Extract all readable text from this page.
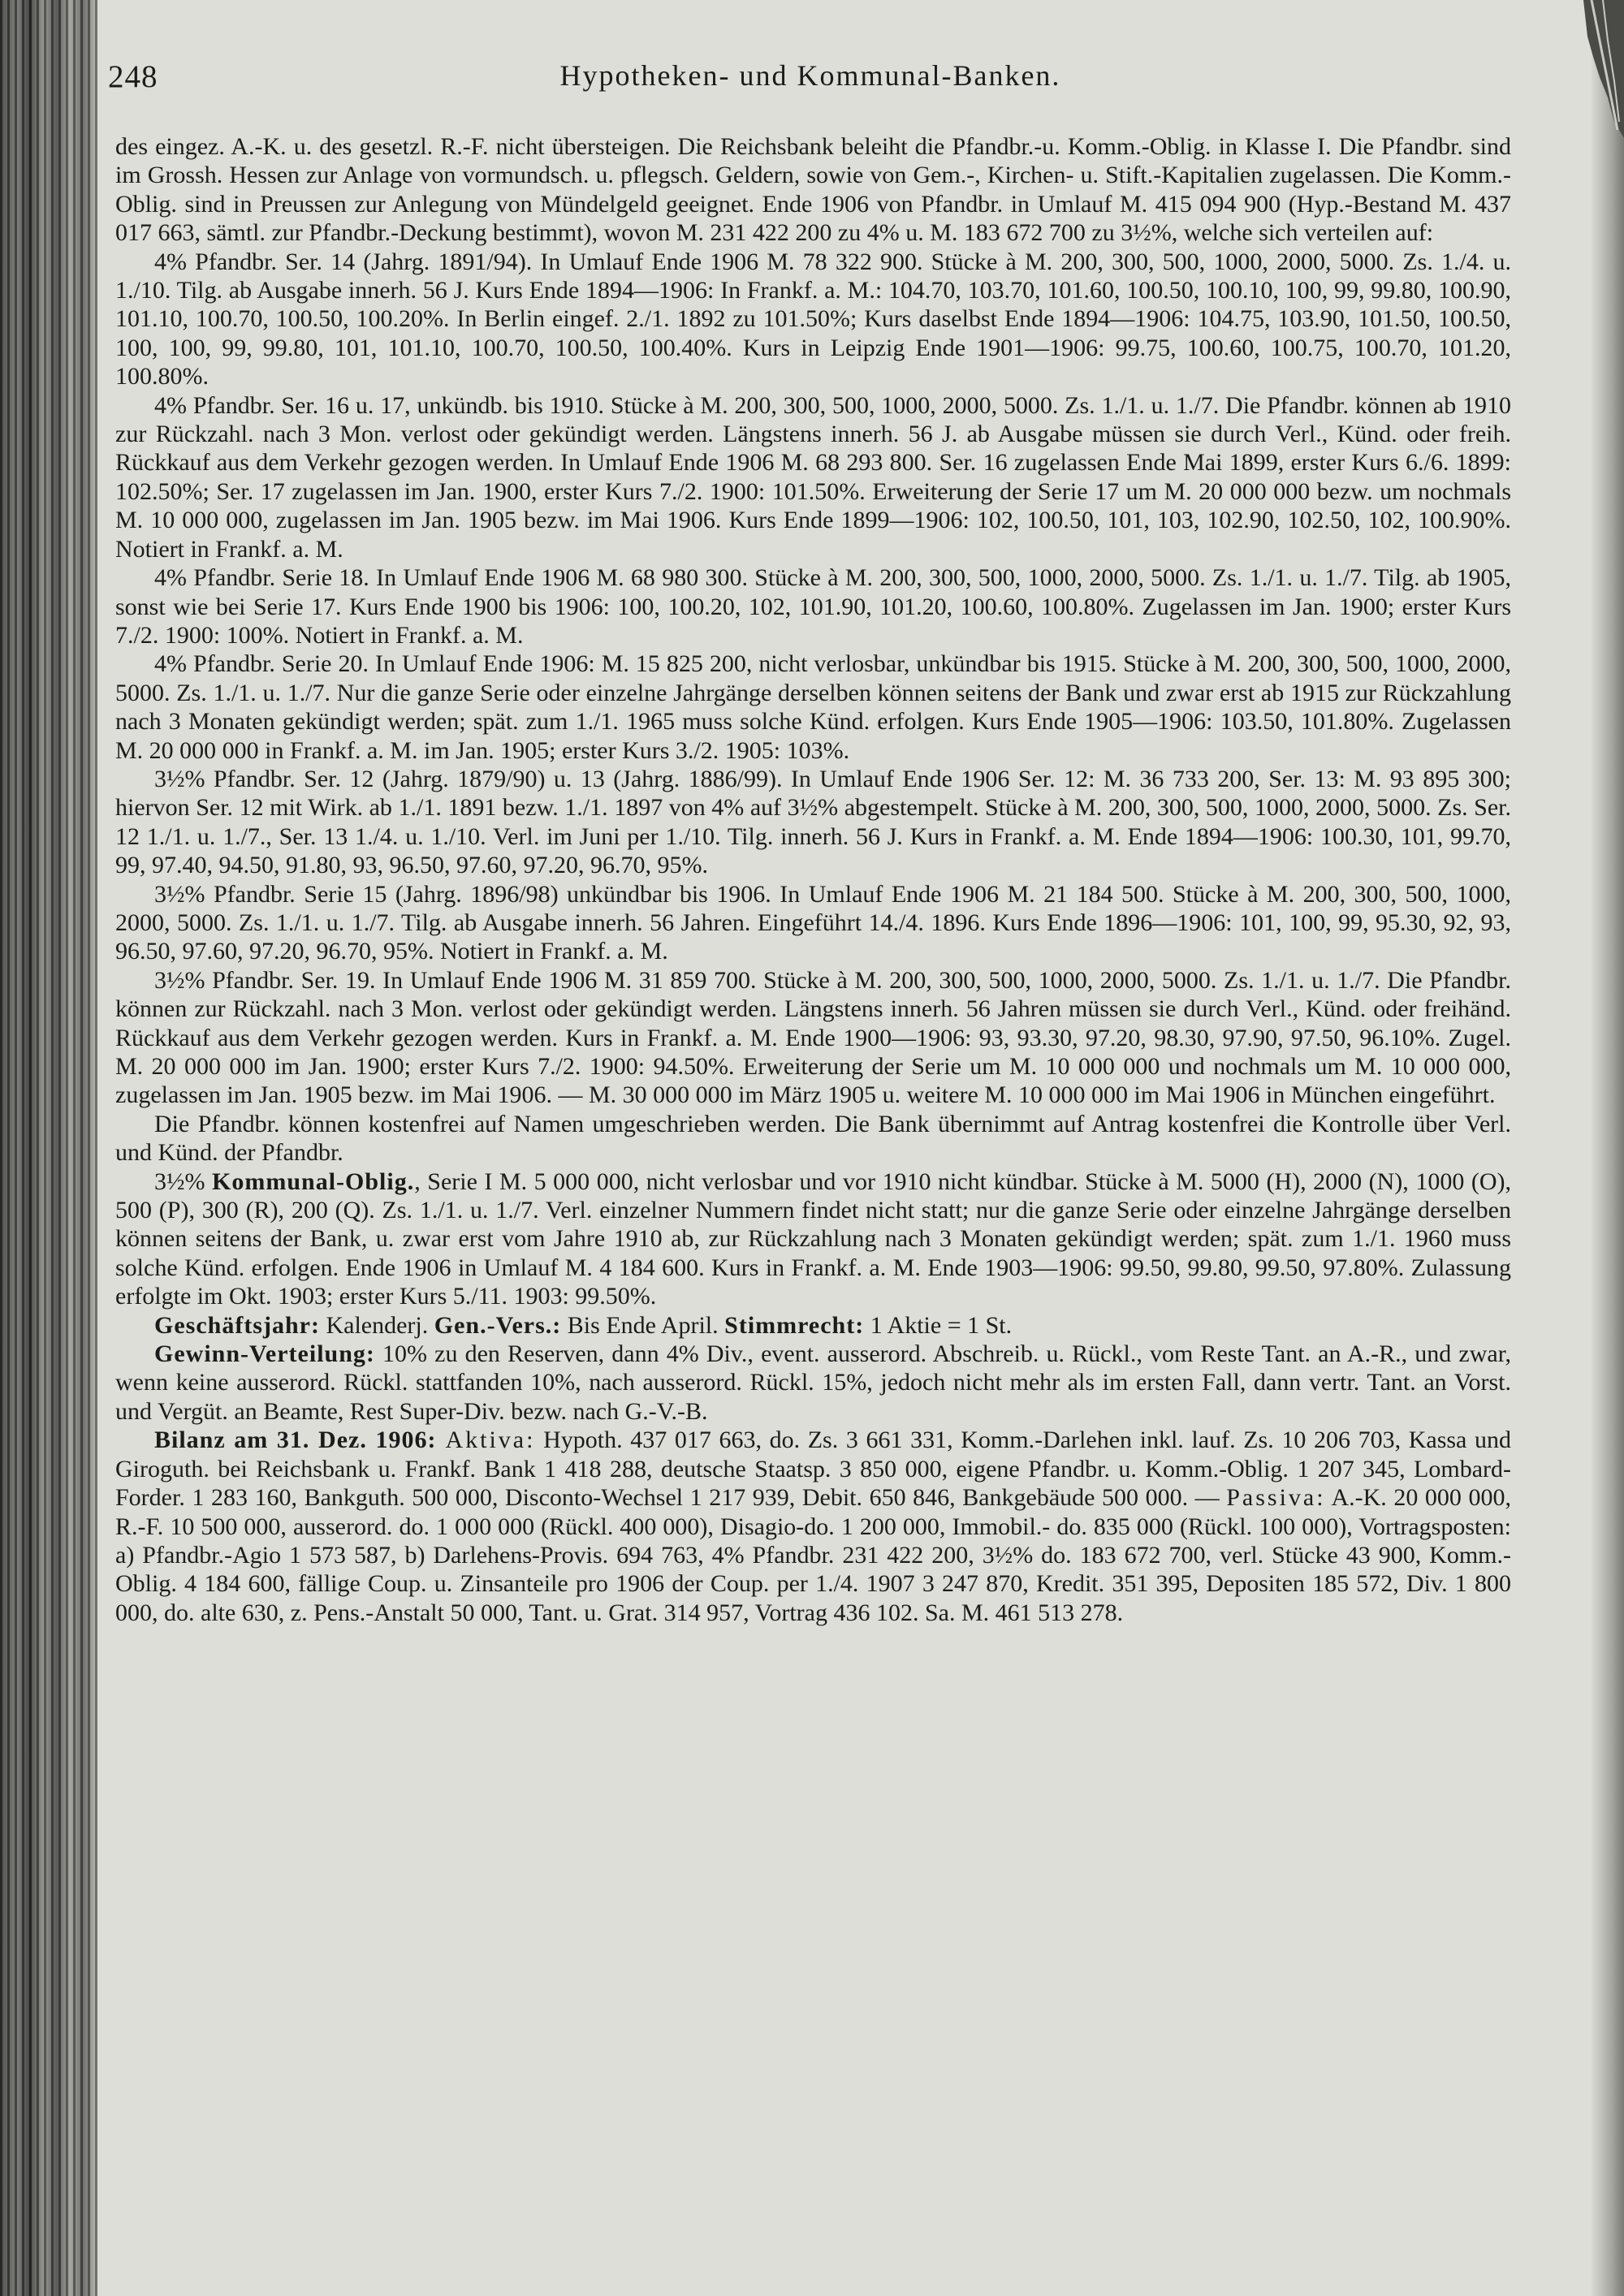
248	Hypotheken- und Kommunal-Banken.

des eingez. A.-K. u. des gesetzl. R.-F. nicht übersteigen. Die Reichsbank beleiht die Pfandbr.-u. Komm.-Oblig. in Klasse I. Die Pfandbr. sind im Grossh. Hessen zur Anlage von vormundsch. u. pflegsch. Geldern, sowie von Gem.-, Kirchen- u. Stift.-Kapitalien zugelassen. Die Komm.-Oblig. sind in Preussen zur Anlegung von Mündelgeld geeignet. Ende 1906 von Pfandbr. in Umlauf M. 415 094 900 (Hyp.-Bestand M. 437 017 663, sämtl. zur Pfandbr.-Deckung bestimmt), wovon M. 231 422 200 zu 4% u. M. 183 672 700 zu 3½%, welche sich verteilen auf:

4% Pfandbr. Ser. 14 (Jahrg. 1891/94). In Umlauf Ende 1906 M. 78 322 900. Stücke à M. 200, 300, 500, 1000, 2000, 5000. Zs. 1./4. u. 1./10. Tilg. ab Ausgabe innerh. 56 J. Kurs Ende 1894—1906: In Frankf. a. M.: 104.70, 103.70, 101.60, 100.50, 100.10, 100, 99, 99.80, 100.90, 101.10, 100.70, 100.50, 100.20%. In Berlin eingef. 2./1. 1892 zu 101.50%; Kurs daselbst Ende 1894—1906: 104.75, 103.90, 101.50, 100.50, 100, 100, 99, 99.80, 101, 101.10, 100.70, 100.50, 100.40%. Kurs in Leipzig Ende 1901—1906: 99.75, 100.60, 100.75, 100.70, 101.20, 100.80%.

4% Pfandbr. Ser. 16 u. 17, unkündb. bis 1910. Stücke à M. 200, 300, 500, 1000, 2000, 5000. Zs. 1./1. u. 1./7. Die Pfandbr. können ab 1910 zur Rückzahl. nach 3 Mon. verlost oder gekündigt werden. Längstens innerh. 56 J. ab Ausgabe müssen sie durch Verl., Künd. oder freih. Rückkauf aus dem Verkehr gezogen werden. In Umlauf Ende 1906 M. 68 293 800. Ser. 16 zugelassen Ende Mai 1899, erster Kurs 6./6. 1899: 102.50%; Ser. 17 zugelassen im Jan. 1900, erster Kurs 7./2. 1900: 101.50%. Erweiterung der Serie 17 um M. 20 000 000 bezw. um nochmals M. 10 000 000, zugelassen im Jan. 1905 bezw. im Mai 1906. Kurs Ende 1899—1906: 102, 100.50, 101, 103, 102.90, 102.50, 102, 100.90%. Notiert in Frankf. a. M.

4% Pfandbr. Serie 18. In Umlauf Ende 1906 M. 68 980 300. Stücke à M. 200, 300, 500, 1000, 2000, 5000. Zs. 1./1. u. 1./7. Tilg. ab 1905, sonst wie bei Serie 17. Kurs Ende 1900 bis 1906: 100, 100.20, 102, 101.90, 101.20, 100.60, 100.80%. Zugelassen im Jan. 1900; erster Kurs 7./2. 1900: 100%. Notiert in Frankf. a. M.

4% Pfandbr. Serie 20. In Umlauf Ende 1906: M. 15 825 200, nicht verlosbar, unkündbar bis 1915. Stücke à M. 200, 300, 500, 1000, 2000, 5000. Zs. 1./1. u. 1./7. Nur die ganze Serie oder einzelne Jahrgänge derselben können seitens der Bank und zwar erst ab 1915 zur Rückzahlung nach 3 Monaten gekündigt werden; spät. zum 1./1. 1965 muss solche Künd. erfolgen. Kurs Ende 1905—1906: 103.50, 101.80%. Zugelassen M. 20 000 000 in Frankf. a. M. im Jan. 1905; erster Kurs 3./2. 1905: 103%.

3½% Pfandbr. Ser. 12 (Jahrg. 1879/90) u. 13 (Jahrg. 1886/99). In Umlauf Ende 1906 Ser. 12: M. 36 733 200, Ser. 13: M. 93 895 300; hiervon Ser. 12 mit Wirk. ab 1./1. 1891 bezw. 1./1. 1897 von 4% auf 3½% abgestempelt. Stücke à M. 200, 300, 500, 1000, 2000, 5000. Zs. Ser. 12 1./1. u. 1./7., Ser. 13 1./4. u. 1./10. Verl. im Juni per 1./10. Tilg. innerh. 56 J. Kurs in Frankf. a. M. Ende 1894—1906: 100.30, 101, 99.70, 99, 97.40, 94.50, 91.80, 93, 96.50, 97.60, 97.20, 96.70, 95%.

3½% Pfandbr. Serie 15 (Jahrg. 1896/98) unkündbar bis 1906. In Umlauf Ende 1906 M. 21 184 500. Stücke à M. 200, 300, 500, 1000, 2000, 5000. Zs. 1./1. u. 1./7. Tilg. ab Ausgabe innerh. 56 Jahren. Eingeführt 14./4. 1896. Kurs Ende 1896—1906: 101, 100, 99, 95.30, 92, 93, 96.50, 97.60, 97.20, 96.70, 95%. Notiert in Frankf. a. M.

3½% Pfandbr. Ser. 19. In Umlauf Ende 1906 M. 31 859 700. Stücke à M. 200, 300, 500, 1000, 2000, 5000. Zs. 1./1. u. 1./7. Die Pfandbr. können zur Rückzahl. nach 3 Mon. verlost oder gekündigt werden. Längstens innerh. 56 Jahren müssen sie durch Verl., Künd. oder freihänd. Rückkauf aus dem Verkehr gezogen werden. Kurs in Frankf. a. M. Ende 1900—1906: 93, 93.30, 97.20, 98.30, 97.90, 97.50, 96.10%. Zugel. M. 20 000 000 im Jan. 1900; erster Kurs 7./2. 1900: 94.50%. Erweiterung der Serie um M. 10 000 000 und nochmals um M. 10 000 000, zugelassen im Jan. 1905 bezw. im Mai 1906. — M. 30 000 000 im März 1905 u. weitere M. 10 000 000 im Mai 1906 in München eingeführt.

Die Pfandbr. können kostenfrei auf Namen umgeschrieben werden. Die Bank übernimmt auf Antrag kostenfrei die Kontrolle über Verl. und Künd. der Pfandbr.

3½% Kommunal-Oblig., Serie I M. 5 000 000, nicht verlosbar und vor 1910 nicht kündbar. Stücke à M. 5000 (H), 2000 (N), 1000 (O), 500 (P), 300 (R), 200 (Q). Zs. 1./1. u. 1./7. Verl. einzelner Nummern findet nicht statt; nur die ganze Serie oder einzelne Jahrgänge derselben können seitens der Bank, u. zwar erst vom Jahre 1910 ab, zur Rückzahlung nach 3 Monaten gekündigt werden; spät. zum 1./1. 1960 muss solche Künd. erfolgen. Ende 1906 in Umlauf M. 4 184 600. Kurs in Frankf. a. M. Ende 1903—1906: 99.50, 99.80, 99.50, 97.80%. Zulassung erfolgte im Okt. 1903; erster Kurs 5./11. 1903: 99.50%.

Geschäftsjahr: Kalenderj. Gen.-Vers.: Bis Ende April. Stimmrecht: 1 Aktie = 1 St.

Gewinn-Verteilung: 10% zu den Reserven, dann 4% Div., event. ausserord. Abschreib. u. Rückl., vom Reste Tant. an A.-R., und zwar, wenn keine ausserord. Rückl. stattfanden 10%, nach ausserord. Rückl. 15%, jedoch nicht mehr als im ersten Fall, dann vertr. Tant. an Vorst. und Vergüt. an Beamte, Rest Super-Div. bezw. nach G.-V.-B.

Bilanz am 31. Dez. 1906: Aktiva: Hypoth. 437 017 663, do. Zs. 3 661 331, Komm.-Darlehen inkl. lauf. Zs. 10 206 703, Kassa und Giroguth. bei Reichsbank u. Frankf. Bank 1 418 288, deutsche Staatsp. 3 850 000, eigene Pfandbr. u. Komm.-Oblig. 1 207 345, Lombard-Forder. 1 283 160, Bankguth. 500 000, Disconto-Wechsel 1 217 939, Debit. 650 846, Bankgebäude 500 000. — Passiva: A.-K. 20 000 000, R.-F. 10 500 000, ausserord. do. 1 000 000 (Rückl. 400 000), Disagio-do. 1 200 000, Immobil.- do. 835 000 (Rückl. 100 000), Vortragsposten: a) Pfandbr.-Agio 1 573 587, b) Darlehens-Provis. 694 763, 4% Pfandbr. 231 422 200, 3½% do. 183 672 700, verl. Stücke 43 900, Komm.-Oblig. 4 184 600, fällige Coup. u. Zinsanteile pro 1906 der Coup. per 1./4. 1907 3 247 870, Kredit. 351 395, Depositen 185 572, Div. 1 800 000, do. alte 630, z. Pens.-Anstalt 50 000, Tant. u. Grat. 314 957, Vortrag 436 102. Sa. M. 461 513 278.
